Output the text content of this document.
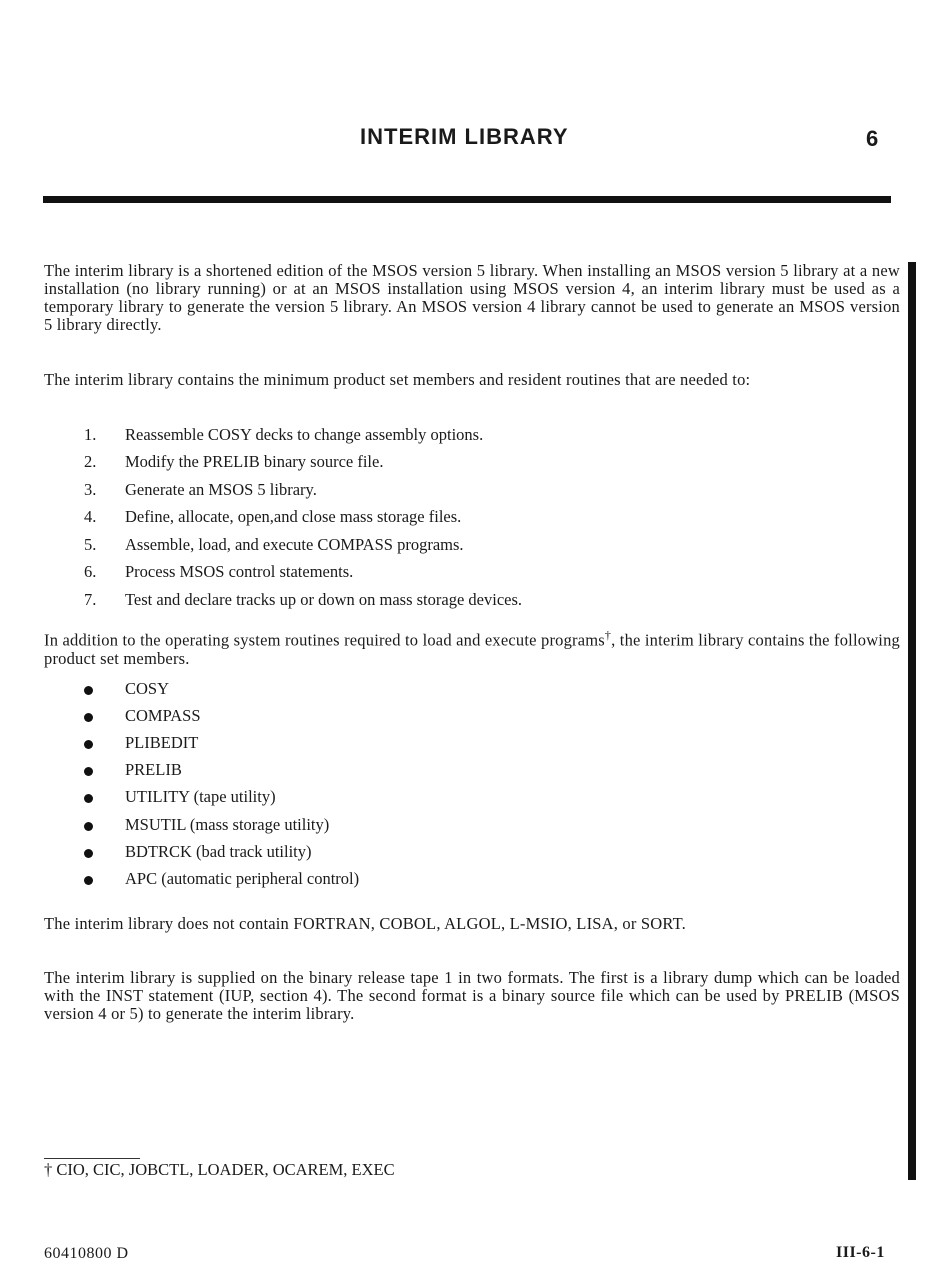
INTERIM LIBRARY	6

The interim library is a shortened edition of the MSOS version 5 library. When installing an MSOS version 5 library at a new installation (no library running) or at an MSOS installation using MSOS version 4, an interim library must be used as a temporary library to generate the version 5 library. An MSOS version 4 library cannot be used to generate an MSOS version 5 library directly.

The interim library contains the minimum product set members and resident routines that are needed to:

1. Reassemble COSY decks to change assembly options.
2. Modify the PRELIB binary source file.
3. Generate an MSOS 5 library.
4. Define, allocate, open,and close mass storage files.
5. Assemble, load, and execute COMPASS programs.
6. Process MSOS control statements.
7. Test and declare tracks up or down on mass storage devices.

In addition to the operating system routines required to load and execute programs†, the interim library contains the following product set members.

COSY
COMPASS
PLIBEDIT
PRELIB
UTILITY (tape utility)
MSUTIL (mass storage utility)
BDTRCK (bad track utility)
APC (automatic peripheral control)

The interim library does not contain FORTRAN, COBOL, ALGOL, L-MSIO, LISA, or SORT.

The interim library is supplied on the binary release tape 1 in two formats. The first is a library dump which can be loaded with the INST statement (IUP, section 4). The second format is a binary source file which can be used by PRELIB (MSOS version 4 or 5) to generate the interim library.

† CIO, CIC, JOBCTL, LOADER, OCAREM, EXEC
60410800 D	III-6-1
